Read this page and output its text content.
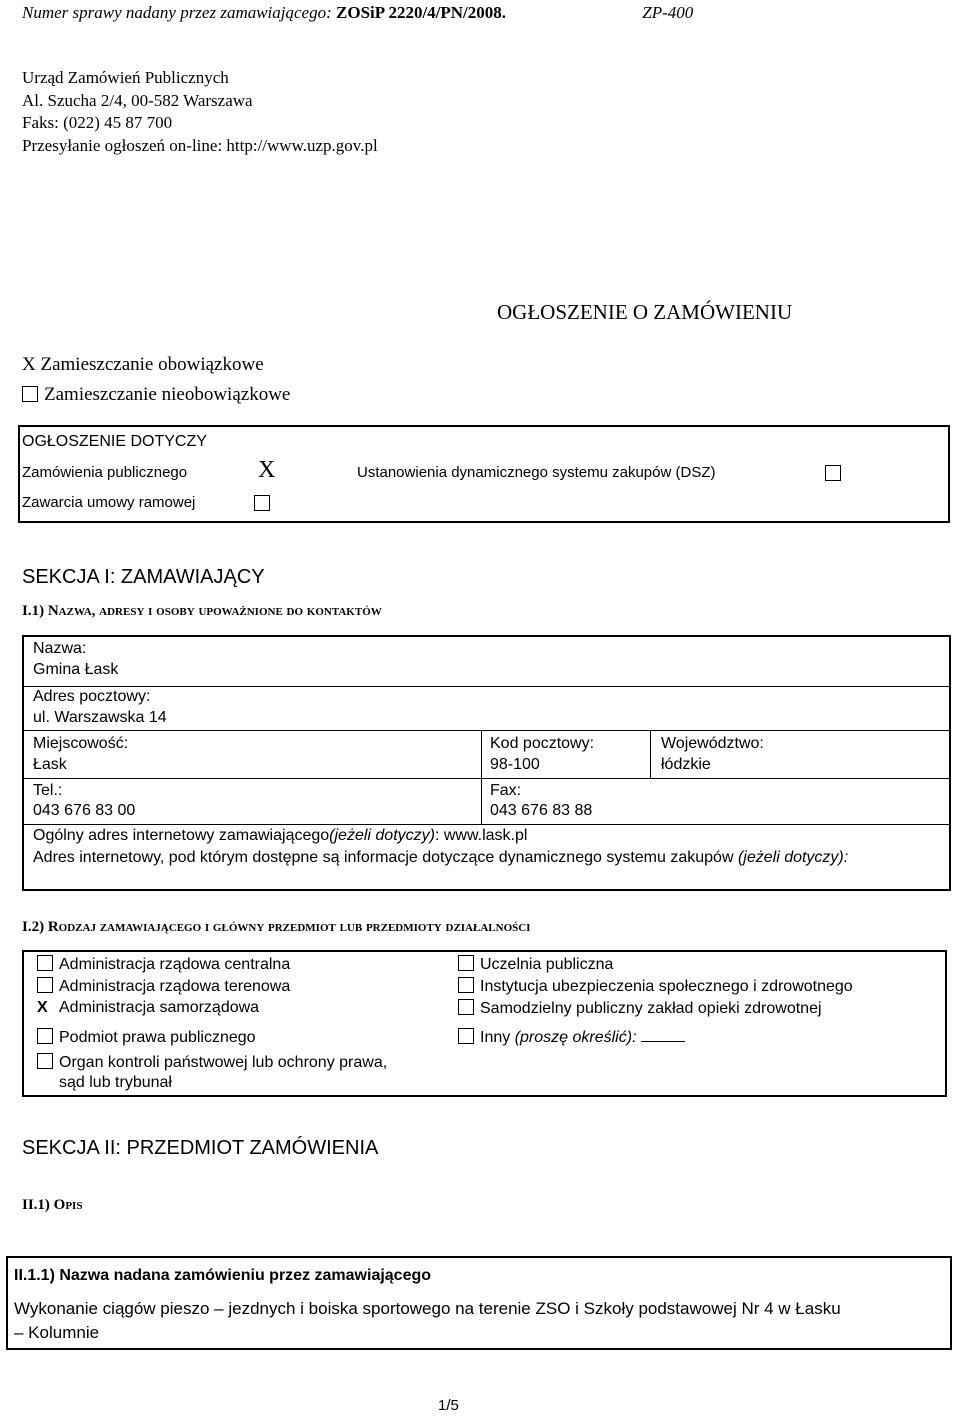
Numer sprawy nadany przez zamawiającego: ZOSiP 2220/4/PN/2008.	ZP-400
Urząd Zamówień Publicznych
Al. Szucha 2/4, 00-582 Warszawa
Faks: (022) 45 87 700
Przesyłanie ogłoszeń on-line: http://www.uzp.gov.pl
OGŁOSZENIE O ZAMÓWIENIU
X Zamieszczanie obowiązkowe
Zamieszczanie nieobowiązkowe
OGŁOSZENIE DOTYCZY
Zamówienia publicznego	X	Ustanowienia dynamicznego systemu zakupów (DSZ)
Zawarcia umowy ramowej
SEKCJA I: ZAMAWIAJĄCY
I.1) Nazwa, adresy i osoby upoważnione do kontaktów
Nazwa:
Gmina Łask
Adres pocztowy:
ul. Warszawska 14
Miejscowość:
Łask
Kod pocztowy:
98-100
Województwo:
łódzkie
Tel.:
043 676 83 00
Fax:
043 676 83 88
Ogólny adres internetowy zamawiającego(jeżeli dotyczy): www.lask.pl
Adres internetowy, pod którym dostępne są informacje dotyczące dynamicznego systemu zakupów (jeżeli dotyczy):
I.2) Rodzaj zamawiającego i główny przedmiot lub przedmioty działalności
Administracja rządowa centralna
Administracja rządowa terenowa
X Administracja samorządowa
Podmiot prawa publicznego
Organ kontroli państwowej lub ochrony prawa,
sąd lub trybunał
Uczelnia publiczna
Instytucja ubezpieczenia społecznego i zdrowotnego
Samodzielny publiczny zakład opieki zdrowotnej
Inny (proszę określić):
SEKCJA II: PRZEDMIOT ZAMÓWIENIA
II.1) Opis
II.1.1) Nazwa nadana zamówieniu przez zamawiającego
Wykonanie ciągów pieszo – jezdnych i boiska sportowego na terenie ZSO i Szkoły podstawowej Nr 4 w Łasku
– Kolumnie
1/5
